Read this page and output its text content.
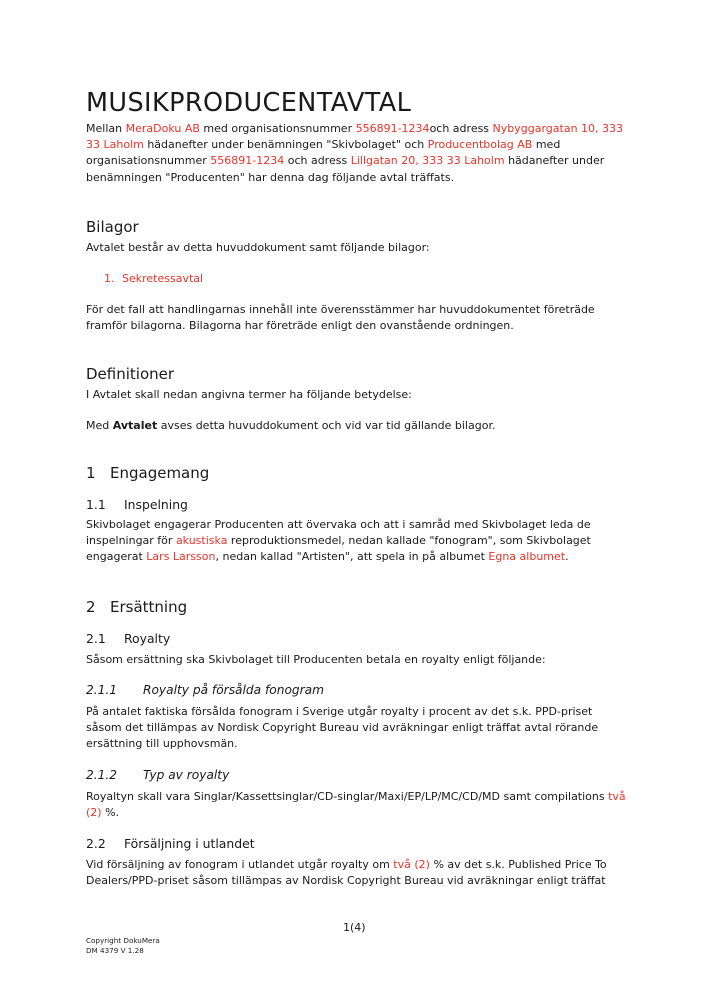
MUSIKPRODUCENTAVTAL

Mellan MeraDoku AB med organisationsnummer 556891-1234och adress Nybyggargatan 10, 333 33 Laholm hädanefter under benämningen "Skivbolaget" och Producentbolag AB med organisationsnummer 556891-1234 och adress Lillgatan 20, 333 33 Laholm hädanefter under benämningen "Producenten" har denna dag följande avtal träffats.

Bilagor

Avtalet består av detta huvuddokument samt följande bilagor:

1. Sekretessavtal

För det fall att handlingarnas innehåll inte överensstämmer har huvuddokumentet företräde framför bilagorna. Bilagorna har företräde enligt den ovanstående ordningen.

Definitioner

I Avtalet skall nedan angivna termer ha följande betydelse:

Med Avtalet avses detta huvuddokument och vid var tid gällande bilagor.

1 Engagemang
1.1 Inspelning

Skivbolaget engagerar Producenten att övervaka och att i samråd med Skivbolaget leda de inspelningar för akustiska reproduktionsmedel, nedan kallade "fonogram", som Skivbolaget engagerat Lars Larsson, nedan kallad "Artisten", att spela in på albumet Egna albumet.

2 Ersättning
2.1 Royalty

Såsom ersättning ska Skivbolaget till Producenten betala en royalty enligt följande:

2.1.1 Royalty på försålda fonogram

På antalet faktiska försålda fonogram i Sverige utgår royalty i procent av det s.k. PPD-priset såsom det tillämpas av Nordisk Copyright Bureau vid avräkningar enligt träffat avtal rörande ersättning till upphovsmän.

2.1.2 Typ av royalty

Royaltyn skall vara Singlar/Kassettsinglar/CD-singlar/Maxi/EP/LP/MC/CD/MD samt compilations två (2) %.

2.2 Försäljning i utlandet

Vid försäljning av fonogram i utlandet utgår royalty om två (2) % av det s.k. Published Price To Dealers/PPD-priset såsom tillämpas av Nordisk Copyright Bureau vid avräkningar enligt träffat

1(4)
Copyright DokuMera
DM 4379 V 1.28
